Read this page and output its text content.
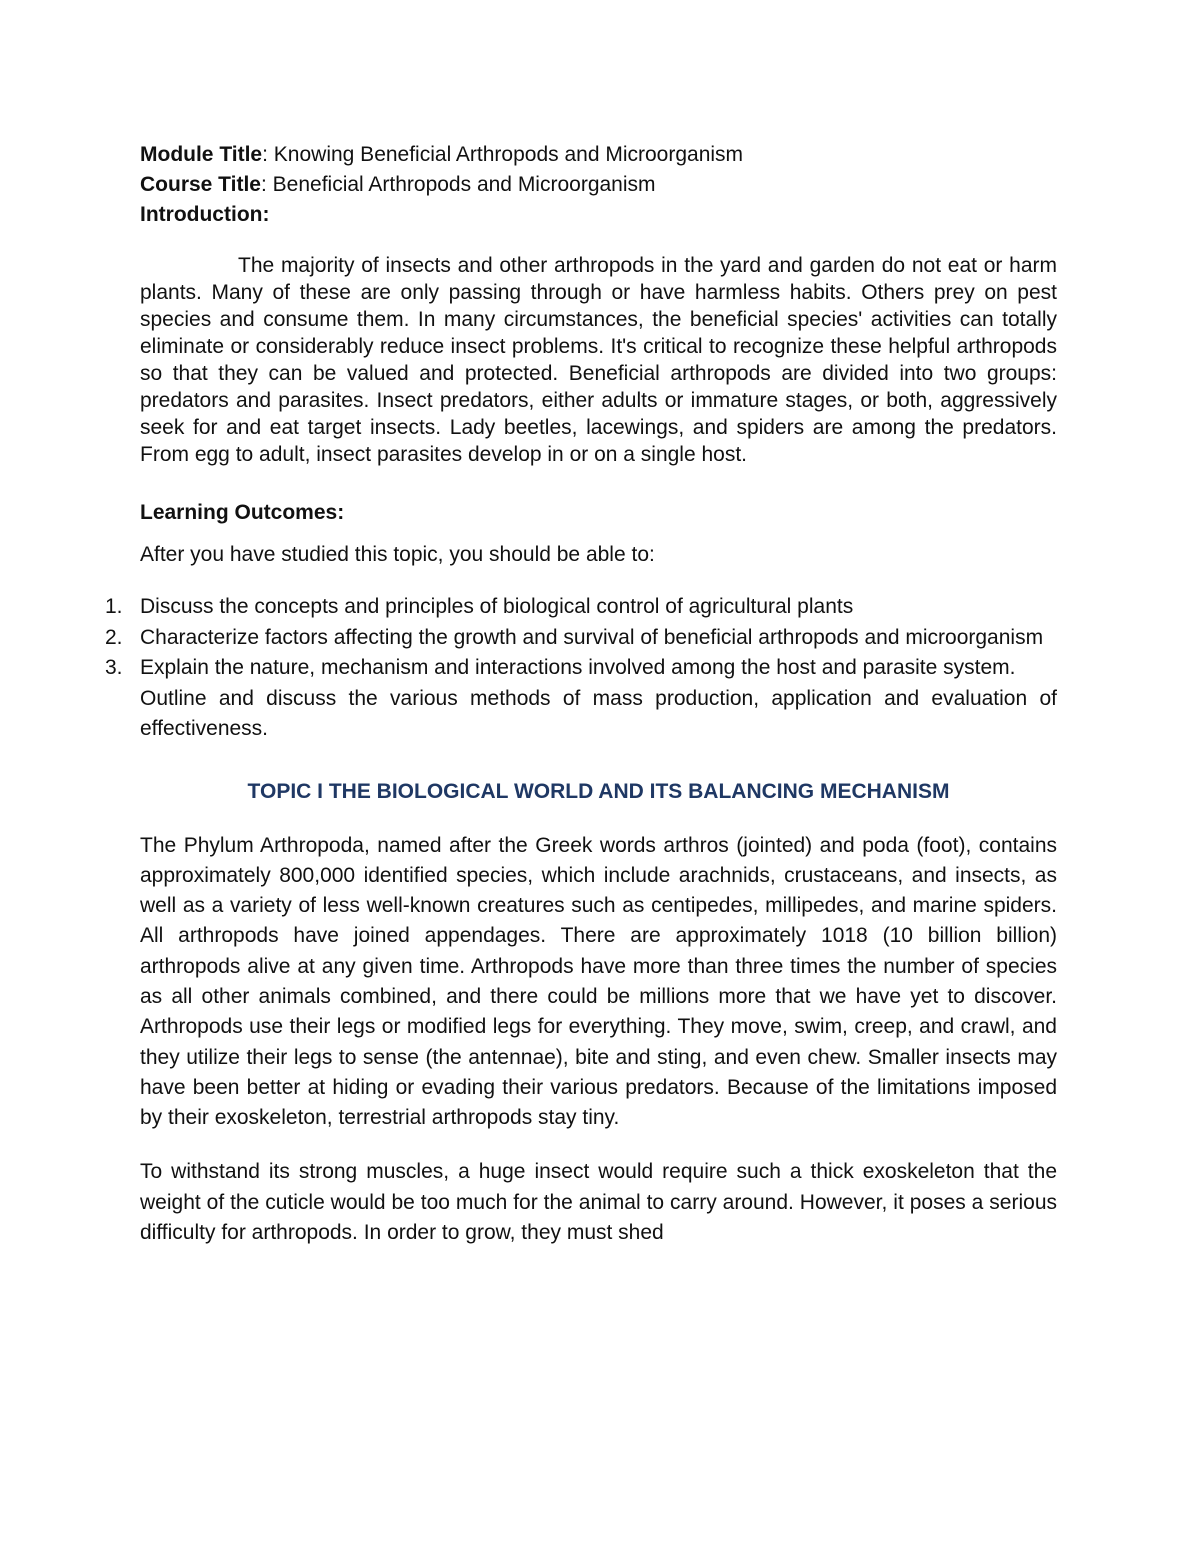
Module Title: Knowing Beneficial Arthropods and Microorganism

Course Title: Beneficial Arthropods and Microorganism

Introduction:

The majority of insects and other arthropods in the yard and garden do not eat or harm plants. Many of these are only passing through or have harmless habits. Others prey on pest species and consume them. In many circumstances, the beneficial species' activities can totally eliminate or considerably reduce insect problems. It's critical to recognize these helpful arthropods so that they can be valued and protected. Beneficial arthropods are divided into two groups: predators and parasites. Insect predators, either adults or immature stages, or both, aggressively seek for and eat target insects. Lady beetles, lacewings, and spiders are among the predators. From egg to adult, insect parasites develop in or on a single host.

Learning Outcomes:

After you have studied this topic, you should be able to:

1. Discuss the concepts and principles of biological control of agricultural plants
2. Characterize factors affecting the growth and survival of beneficial arthropods and microorganism
3. Explain the nature, mechanism and interactions involved among the host and parasite system.
Outline and discuss the various methods of mass production, application and evaluation of effectiveness.

TOPIC I THE BIOLOGICAL WORLD AND ITS BALANCING MECHANISM

The Phylum Arthropoda, named after the Greek words arthros (jointed) and poda (foot), contains approximately 800,000 identified species, which include arachnids, crustaceans, and insects, as well as a variety of less well-known creatures such as centipedes, millipedes, and marine spiders. All arthropods have joined appendages. There are approximately 1018 (10 billion billion) arthropods alive at any given time. Arthropods have more than three times the number of species as all other animals combined, and there could be millions more that we have yet to discover. Arthropods use their legs or modified legs for everything. They move, swim, creep, and crawl, and they utilize their legs to sense (the antennae), bite and sting, and even chew. Smaller insects may have been better at hiding or evading their various predators. Because of the limitations imposed by their exoskeleton, terrestrial arthropods stay tiny.

To withstand its strong muscles, a huge insect would require such a thick exoskeleton that the weight of the cuticle would be too much for the animal to carry around. However, it poses a serious difficulty for arthropods. In order to grow, they must shed
